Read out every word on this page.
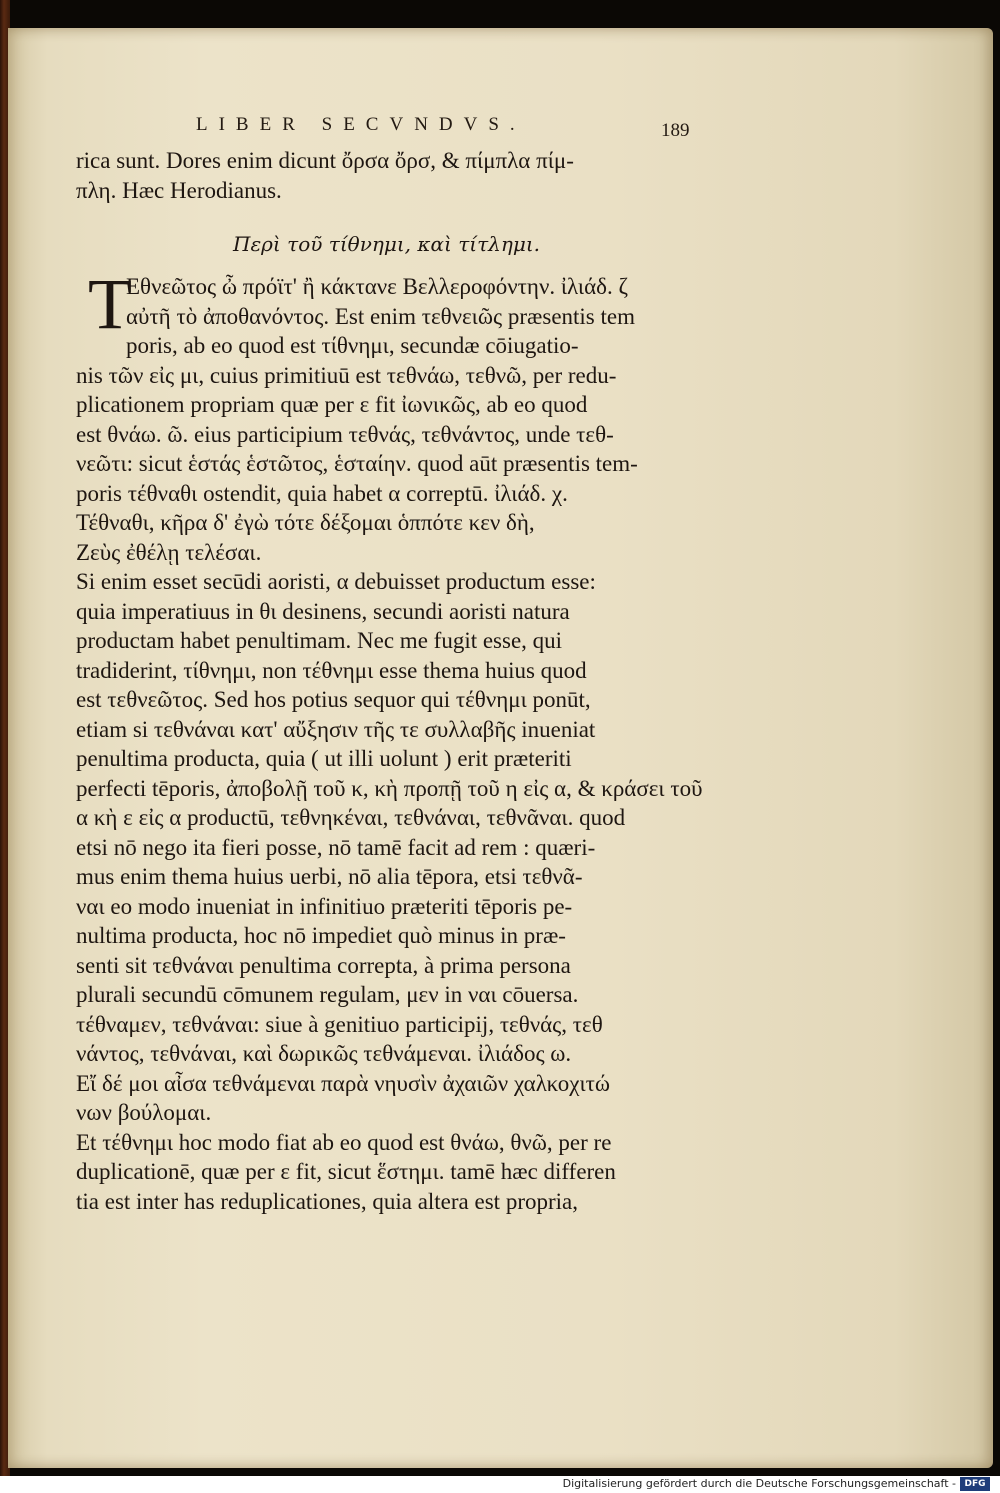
LIBER SECVNDVS.	189
rica sunt. Dores enim dicunt ὄρσα ὄρσ, & πίμπλα πίμ-
πλη. Hæc Herodianus.
Περὶ τοῦ τίθνημι, καὶ τίτλημι.
T
Εθνεῶτος ὦ πρόϊτ' ἢ κάκτανε Βελλεροφόντην. ἰλιάδ. ζ
αὐτῆ τὸ ἀποθανόντος. Est enim τεθνειῶς præsentis tem
poris, ab eo quod est τίθνημι, secundæ cōiugatio-
nis τῶν εἰς μι, cuius primitiuū est τεθνάω, τεθνῶ, per redu-
plicationem propriam quæ per ε fit ἰωνικῶς, ab eo quod
est θνάω. ῶ. eius participium τεθνάς, τεθνάντος, unde τεθ-
νεῶτι: sicut ἑστάς ἑστῶτος, ἑσταίην. quod aūt præsentis tem-
poris τέθναθι ostendit, quia habet α correptū. ἰλιάδ. χ.
Τέθναθι, κῆρα δ' ἐγὼ τότε δέξομαι ὁππότε κεν δὴ,
Ζεὺς ἐθέλῃ τελέσαι.
Si enim esset secūdi aoristi, α debuisset productum esse:
quia imperatiuus in θι desinens, secundi aoristi natura
productam habet penultimam. Nec me fugit esse, qui
tradiderint, τίθνημι, non τέθνημι esse thema huius quod
est τεθνεῶτος. Sed hos potius sequor qui τέθνημι ponūt,
etiam si τεθνάναι κατ' αὔξησιν τῆς τε συλλαβῆς inueniat
penultima producta, quia ( ut illi uolunt ) erit præteriti
perfecti tēporis, ἀποβολῇ τοῦ κ, κὴ προπῇ τοῦ η εἰς α, & κράσει τοῦ
α κὴ ε εἰς α productū, τεθνηκέναι, τεθνάναι, τεθνᾶναι. quod
etsi nō nego ita fieri posse, nō tamē facit ad rem : quæri-
mus enim thema huius uerbi, nō alia tēpora, etsi τεθνᾶ-
ναι eo modo inueniat in infinitiuo præteriti tēporis pe-
nultima producta, hoc nō impediet quò minus in præ-
senti sit τεθνάναι penultima correpta, à prima persona
plurali secundū cōmunem regulam, μεν in ναι cōuersa.
τέθναμεν, τεθνάναι: siue à genitiuo participij, τεθνάς, τεθ
νάντος, τεθνάναι, καὶ δωρικῶς τεθνάμεναι. ἰλιάδος ω.
Εἴ δέ μοι αἶσα τεθνάμεναι παρὰ νηυσὶν ἀχαιῶν χαλκοχιτώ
νων βούλομαι.
Et τέθνημι hoc modo fiat ab eo quod est θνάω, θνῶ, per re
duplicationē, quæ per ε fit, sicut ἕστημι. tamē hæc differen
tia est inter has reduplicationes, quia altera est propria,
Digitalisierung gefördert durch die Deutsche Forschungsgemeinschaft - DFG
